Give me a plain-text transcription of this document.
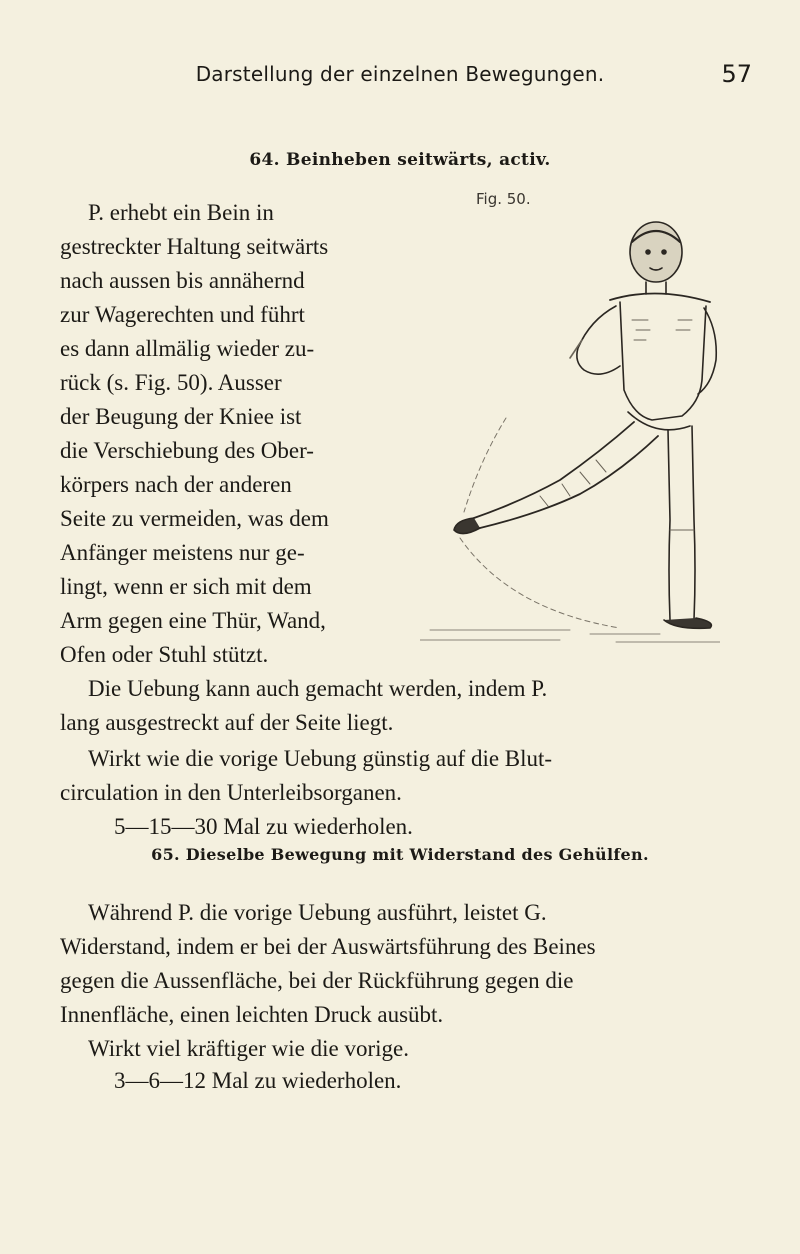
Darstellung der einzelnen Bewegungen.	57
64. Beinheben seitwärts, activ.
P. erhebt ein Bein in
gestreckter Haltung seitwärts
nach aussen bis annähernd
zur Wagerechten und führt
es dann allmälig wieder zu-
rück (s. Fig. 50). Ausser
der Beugung der Kniee ist
die Verschiebung des Ober-
körpers nach der anderen
Seite zu vermeiden, was dem
Anfänger meistens nur ge-
lingt, wenn er sich mit dem
Arm gegen eine Thür, Wand,
Ofen oder Stuhl stützt.
Die Uebung kann auch gemacht werden, indem P.
lang ausgestreckt auf der Seite liegt.
Wirkt wie die vorige Uebung günstig auf die Blut-
circulation in den Unterleibsorganen.
5—15—30 Mal zu wiederholen.
Fig. 50.
65. Dieselbe Bewegung mit Widerstand des Gehülfen.
Während P. die vorige Uebung ausführt, leistet G.
Widerstand, indem er bei der Auswärtsführung des Beines
gegen die Aussenfläche, bei der Rückführung gegen die
Innenfläche, einen leichten Druck ausübt.
Wirkt viel kräftiger wie die vorige.
3—6—12 Mal zu wiederholen.
